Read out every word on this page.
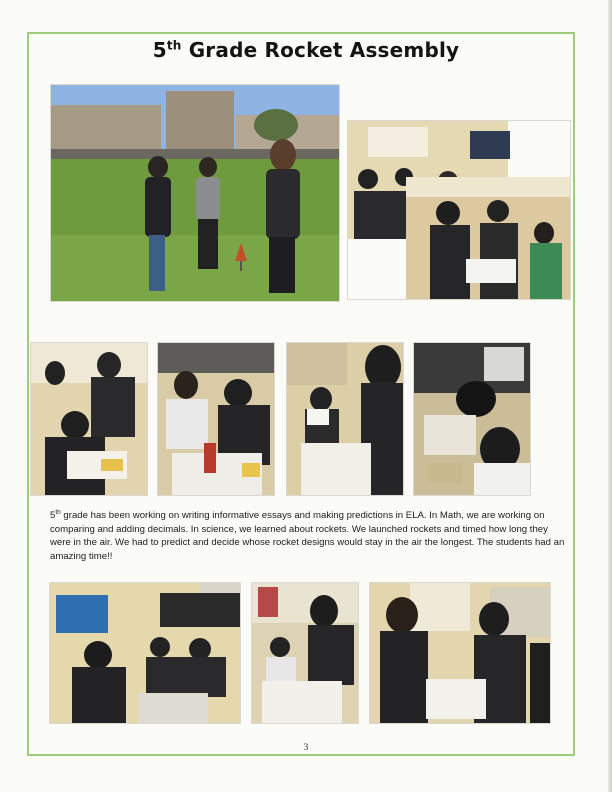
5th Grade Rocket Assembly
5th grade has been working on writing informative essays and making predictions in ELA. In Math, we are working on comparing and adding decimals. In science, we learned about rockets. We launched rockets and timed how long they were in the air. We had to predict and decide whose rocket designs would stay in the air the longest. The students had an amazing time!!
3
